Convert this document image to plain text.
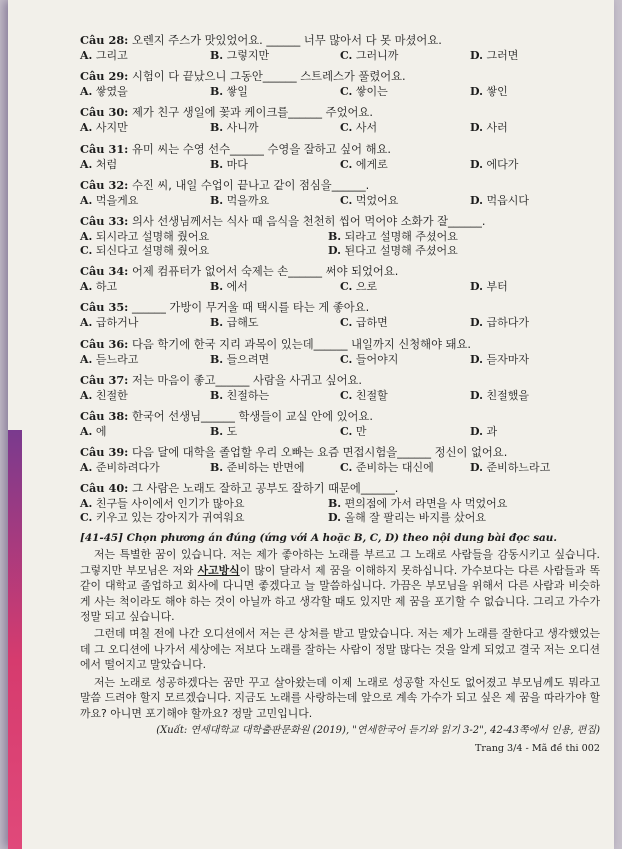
Câu 28: 오렌지 주스가 맛있었어요. ______ 너무 많아서 다 못 마셨어요.
A. 그리고	B. 그렇지만	C. 그러니까	D. 그러면
Câu 29: 시험이 다 끝났으니 그동안______ 스트레스가 풀렸어요.
A. 쌓였을	B. 쌓일	C. 쌓이는	D. 쌓인
Câu 30: 제가 친구 생일에 꽃과 케이크를______ 주었어요.
A. 사지만	B. 사니까	C. 사서	D. 사러
Câu 31: 유미 씨는 수영 선수______ 수영을 잘하고 싶어 해요.
A. 처럼	B. 마다	C. 에게로	D. 에다가
Câu 32: 수진 씨, 내일 수업이 끝나고 같이 점심을______.
A. 먹을게요	B. 먹을까요	C. 먹었어요	D. 먹읍시다
Câu 33: 의사 선생님께서는 식사 때 음식을 천천히 씹어 먹어야 소화가 잘______.
A. 되시라고 설명해 줬어요	B. 되라고 설명해 주셨어요
C. 되신다고 설명해 줬어요	D. 된다고 설명해 주셨어요
Câu 34: 어제 컴퓨터가 없어서 숙제는 손______ 써야 되었어요.
A. 하고	B. 에서	C. 으로	D. 부터
Câu 35: ______ 가방이 무거울 때 택시를 타는 게 좋아요.
A. 급하거나	B. 급해도	C. 급하면	D. 급하다가
Câu 36: 다음 학기에 한국 지리 과목이 있는데______ 내일까지 신청해야 돼요.
A. 듣느라고	B. 들으려면	C. 들어야지	D. 듣자마자
Câu 37: 저는 마음이 좋고______ 사람을 사귀고 싶어요.
A. 친절한	B. 친절하는	C. 친절할	D. 친절했을
Câu 38: 한국어 선생님______ 학생들이 교실 안에 있어요.
A. 에	B. 도	C. 만	D. 과
Câu 39: 다음 달에 대학을 졸업할 우리 오빠는 요즘 면접시험을______ 정신이 없어요.
A. 준비하려다가	B. 준비하는 반면에	C. 준비하는 대신에	D. 준비하느라고
Câu 40: 그 사람은 노래도 잘하고 공부도 잘하기 때문에______.
A. 친구들 사이에서 인기가 많아요	B. 편의점에 가서 라면을 사 먹었어요
C. 키우고 있는 강아지가 귀여워요	D. 올해 잘 팔리는 바지를 샀어요
[41-45] Chọn phương án đúng (ứng với A hoặc B, C, D) theo nội dung bài đọc sau.

저는 특별한 꿈이 있습니다. 저는 제가 좋아하는 노래를 부르고 그 노래로 사람들을 감동시키고 싶습니다. 그렇지만 부모님은 저와 사고방식이 많이 달라서 제 꿈을 이해하지 못하십니다. 가수보다는 다른 사람들과 똑같이 대학교 졸업하고 회사에 다니면 좋겠다고 늘 말씀하십니다. 가끔은 부모님을 위해서 다른 사람과 비슷하게 사는 척이라도 해야 하는 것이 아닐까 하고 생각할 때도 있지만 제 꿈을 포기할 수 없습니다. 그리고 가수가 정말 되고 싶습니다.

그런데 며칠 전에 나간 오디션에서 저는 큰 상처를 받고 말았습니다. 저는 제가 노래를 잘한다고 생각했었는데 그 오디션에 나가서 세상에는 저보다 노래를 잘하는 사람이 정말 많다는 것을 알게 되었고 결국 저는 오디션에서 떨어지고 말았습니다.

저는 노래로 성공하겠다는 꿈만 꾸고 살아왔는데 이제 노래로 성공할 자신도 없어졌고 부모님께도 뭐라고 말씀 드려야 할지 모르겠습니다. 지금도 노래를 사랑하는데 앞으로 계속 가수가 되고 싶은 제 꿈을 따라가야 할까요? 아니면 포기해야 할까요? 정말 고민입니다.

(Xuất: 연세대학교 대학출판문화원 (2019), "연세한국어 듣기와 읽기 3-2", 42-43쪽에서 인용, 편집)
Trang 3/4 - Mã đề thi 002
